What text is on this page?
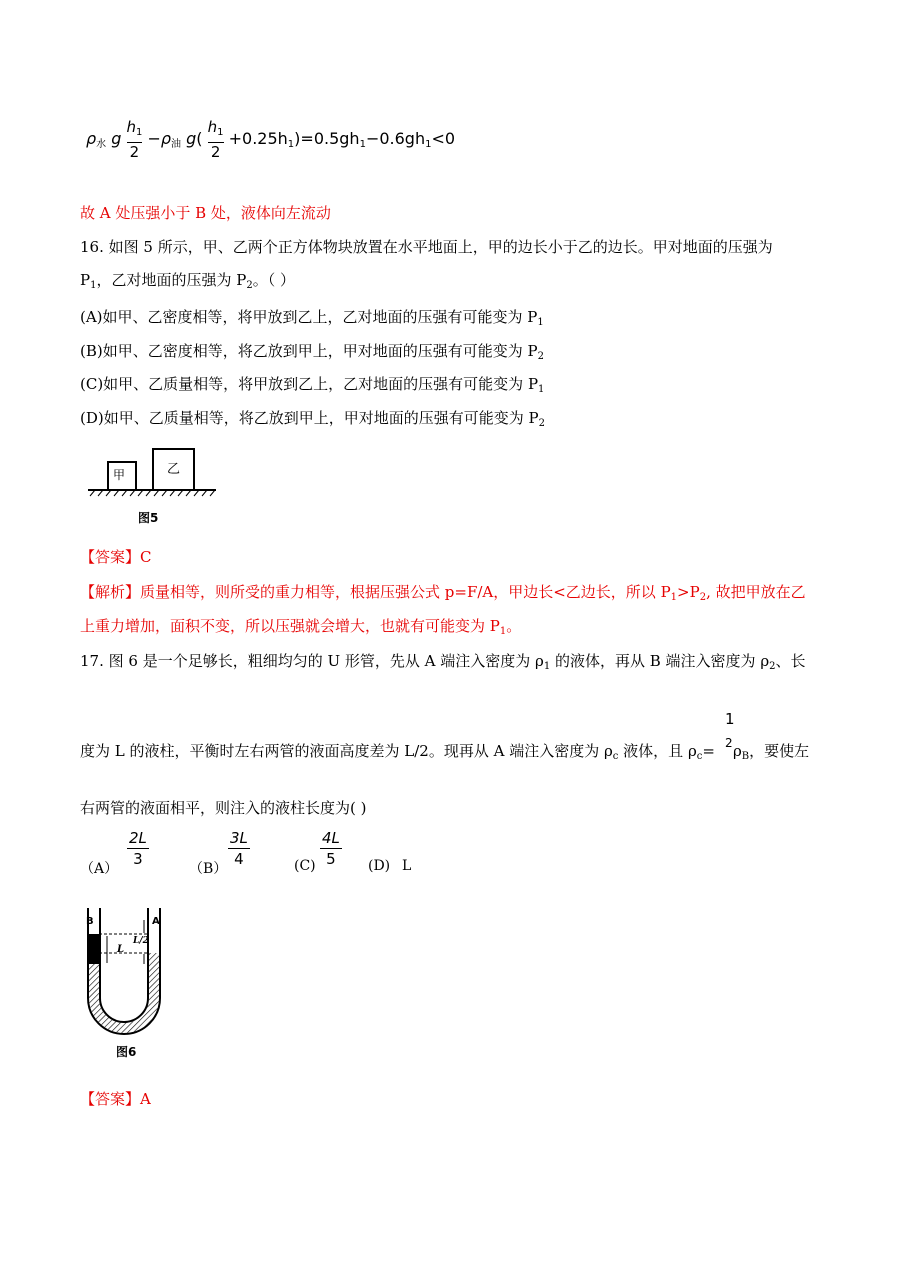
$\rho_水$ g $\frac{h_1}{2} -\rho_油$ $g( \frac{h_1}{2} +0.25h_1)=0.5gh_1-0.6gh_1<0$
故 A 处压强小于 B 处，液体向左流动
16. 如图 5 所示，甲、乙两个正方体物块放置在水平地面上，甲的边长小于乙的边长。甲对地面的压强为
$P_1$，乙对地面的压强为 $P_2$。（ ）
(A)如甲、乙密度相等，将甲放到乙上，乙对地面的压强有可能变为 $P_1$
(B)如甲、乙密度相等，将乙放到甲上，甲对地面的压强有可能变为 $P_2$
(C)如甲、乙质量相等，将甲放到乙上，乙对地面的压强有可能变为 $P_1$
(D)如甲、乙质量相等，将乙放到甲上，甲对地面的压强有可能变为 $P_2$
甲	乙
图5
【答案】C
【解析】质量相等，则所受的重力相等，根据压强公式 p=F/A，甲边长<乙边长，所以 $P_1>P_2$, 故把甲放在乙
上重力增加，面积不变，所以压强就会增大，也就有可能变为 $P_1$。
17. 图 6 是一个足够长，粗细均匀的 U 形管，先从 A 端注入密度为 $\rho_1$ 的液体，再从 B 端注入密度为 $\rho_2$、长
度为 L 的液柱，平衡时左右两管的液面高度差为 L/2。现再从 A 端注入密度为 $\rho_c$ 液体，且 $\rho_c= \rho_B$，要使左
1
2
右两管的液面相平，则注入的液柱长度为( )
$(A) \frac{2L}{3}$	$(B) \frac{3L}{4}$	$(C) \frac{4L}{5} (D)$ L
B	A
L
L/2
图6
【答案】A
